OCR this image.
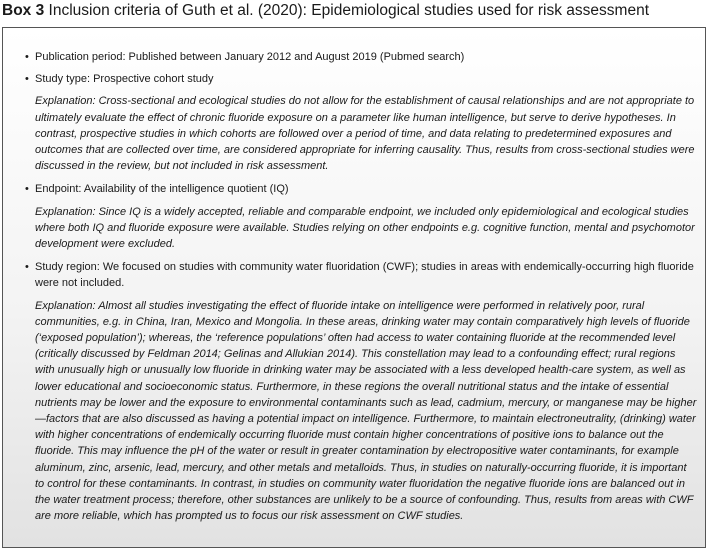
Box 3 Inclusion criteria of Guth et al. (2020): Epidemiological studies used for risk assessment
• Publication period: Published between January 2012 and August 2019 (Pubmed search)
• Study type: Prospective cohort study
Explanation: Cross-sectional and ecological studies do not allow for the establishment of causal relationships and are not appropriate to ultimately evaluate the effect of chronic fluoride exposure on a parameter like human intelligence, but serve to derive hypotheses. In contrast, prospective studies in which cohorts are followed over a period of time, and data relating to predetermined exposures and outcomes that are collected over time, are considered appropriate for inferring causality. Thus, results from cross-sectional studies were discussed in the review, but not included in risk assessment.
• Endpoint: Availability of the intelligence quotient (IQ)
Explanation: Since IQ is a widely accepted, reliable and comparable endpoint, we included only epidemiological and ecological studies where both IQ and fluoride exposure were available. Studies relying on other endpoints e.g. cognitive function, mental and psychomotor development were excluded.
• Study region: We focused on studies with community water fluoridation (CWF); studies in areas with endemically-occurring high fluoride were not included.
Explanation: Almost all studies investigating the effect of fluoride intake on intelligence were performed in relatively poor, rural communities, e.g. in China, Iran, Mexico and Mongolia. In these areas, drinking water may contain comparatively high levels of fluoride (‘exposed population’); whereas, the ‘reference populations’ often had access to water containing fluoride at the recommended level (critically discussed by Feldman 2014; Gelinas and Allukian 2014). This constellation may lead to a confounding effect; rural regions with unusually high or unusually low fluoride in drinking water may be associated with a less developed health-care system, as well as lower educational and socioeconomic status. Furthermore, in these regions the overall nutritional status and the intake of essential nutrients may be lower and the exposure to environmental contaminants such as lead, cadmium, mercury, or manganese may be higher—factors that are also discussed as having a potential impact on intelligence. Furthermore, to maintain electroneutrality, (drinking) water with higher concentrations of endemically occurring fluoride must contain higher concentrations of positive ions to balance out the fluoride. This may influence the pH of the water or result in greater contamination by electropositive water contaminants, for example aluminum, zinc, arsenic, lead, mercury, and other metals and metalloids. Thus, in studies on naturally-occurring fluoride, it is important to control for these contaminants. In contrast, in studies on community water fluoridation the negative fluoride ions are balanced out in the water treatment process; therefore, other substances are unlikely to be a source of confounding. Thus, results from areas with CWF are more reliable, which has prompted us to focus our risk assessment on CWF studies.
